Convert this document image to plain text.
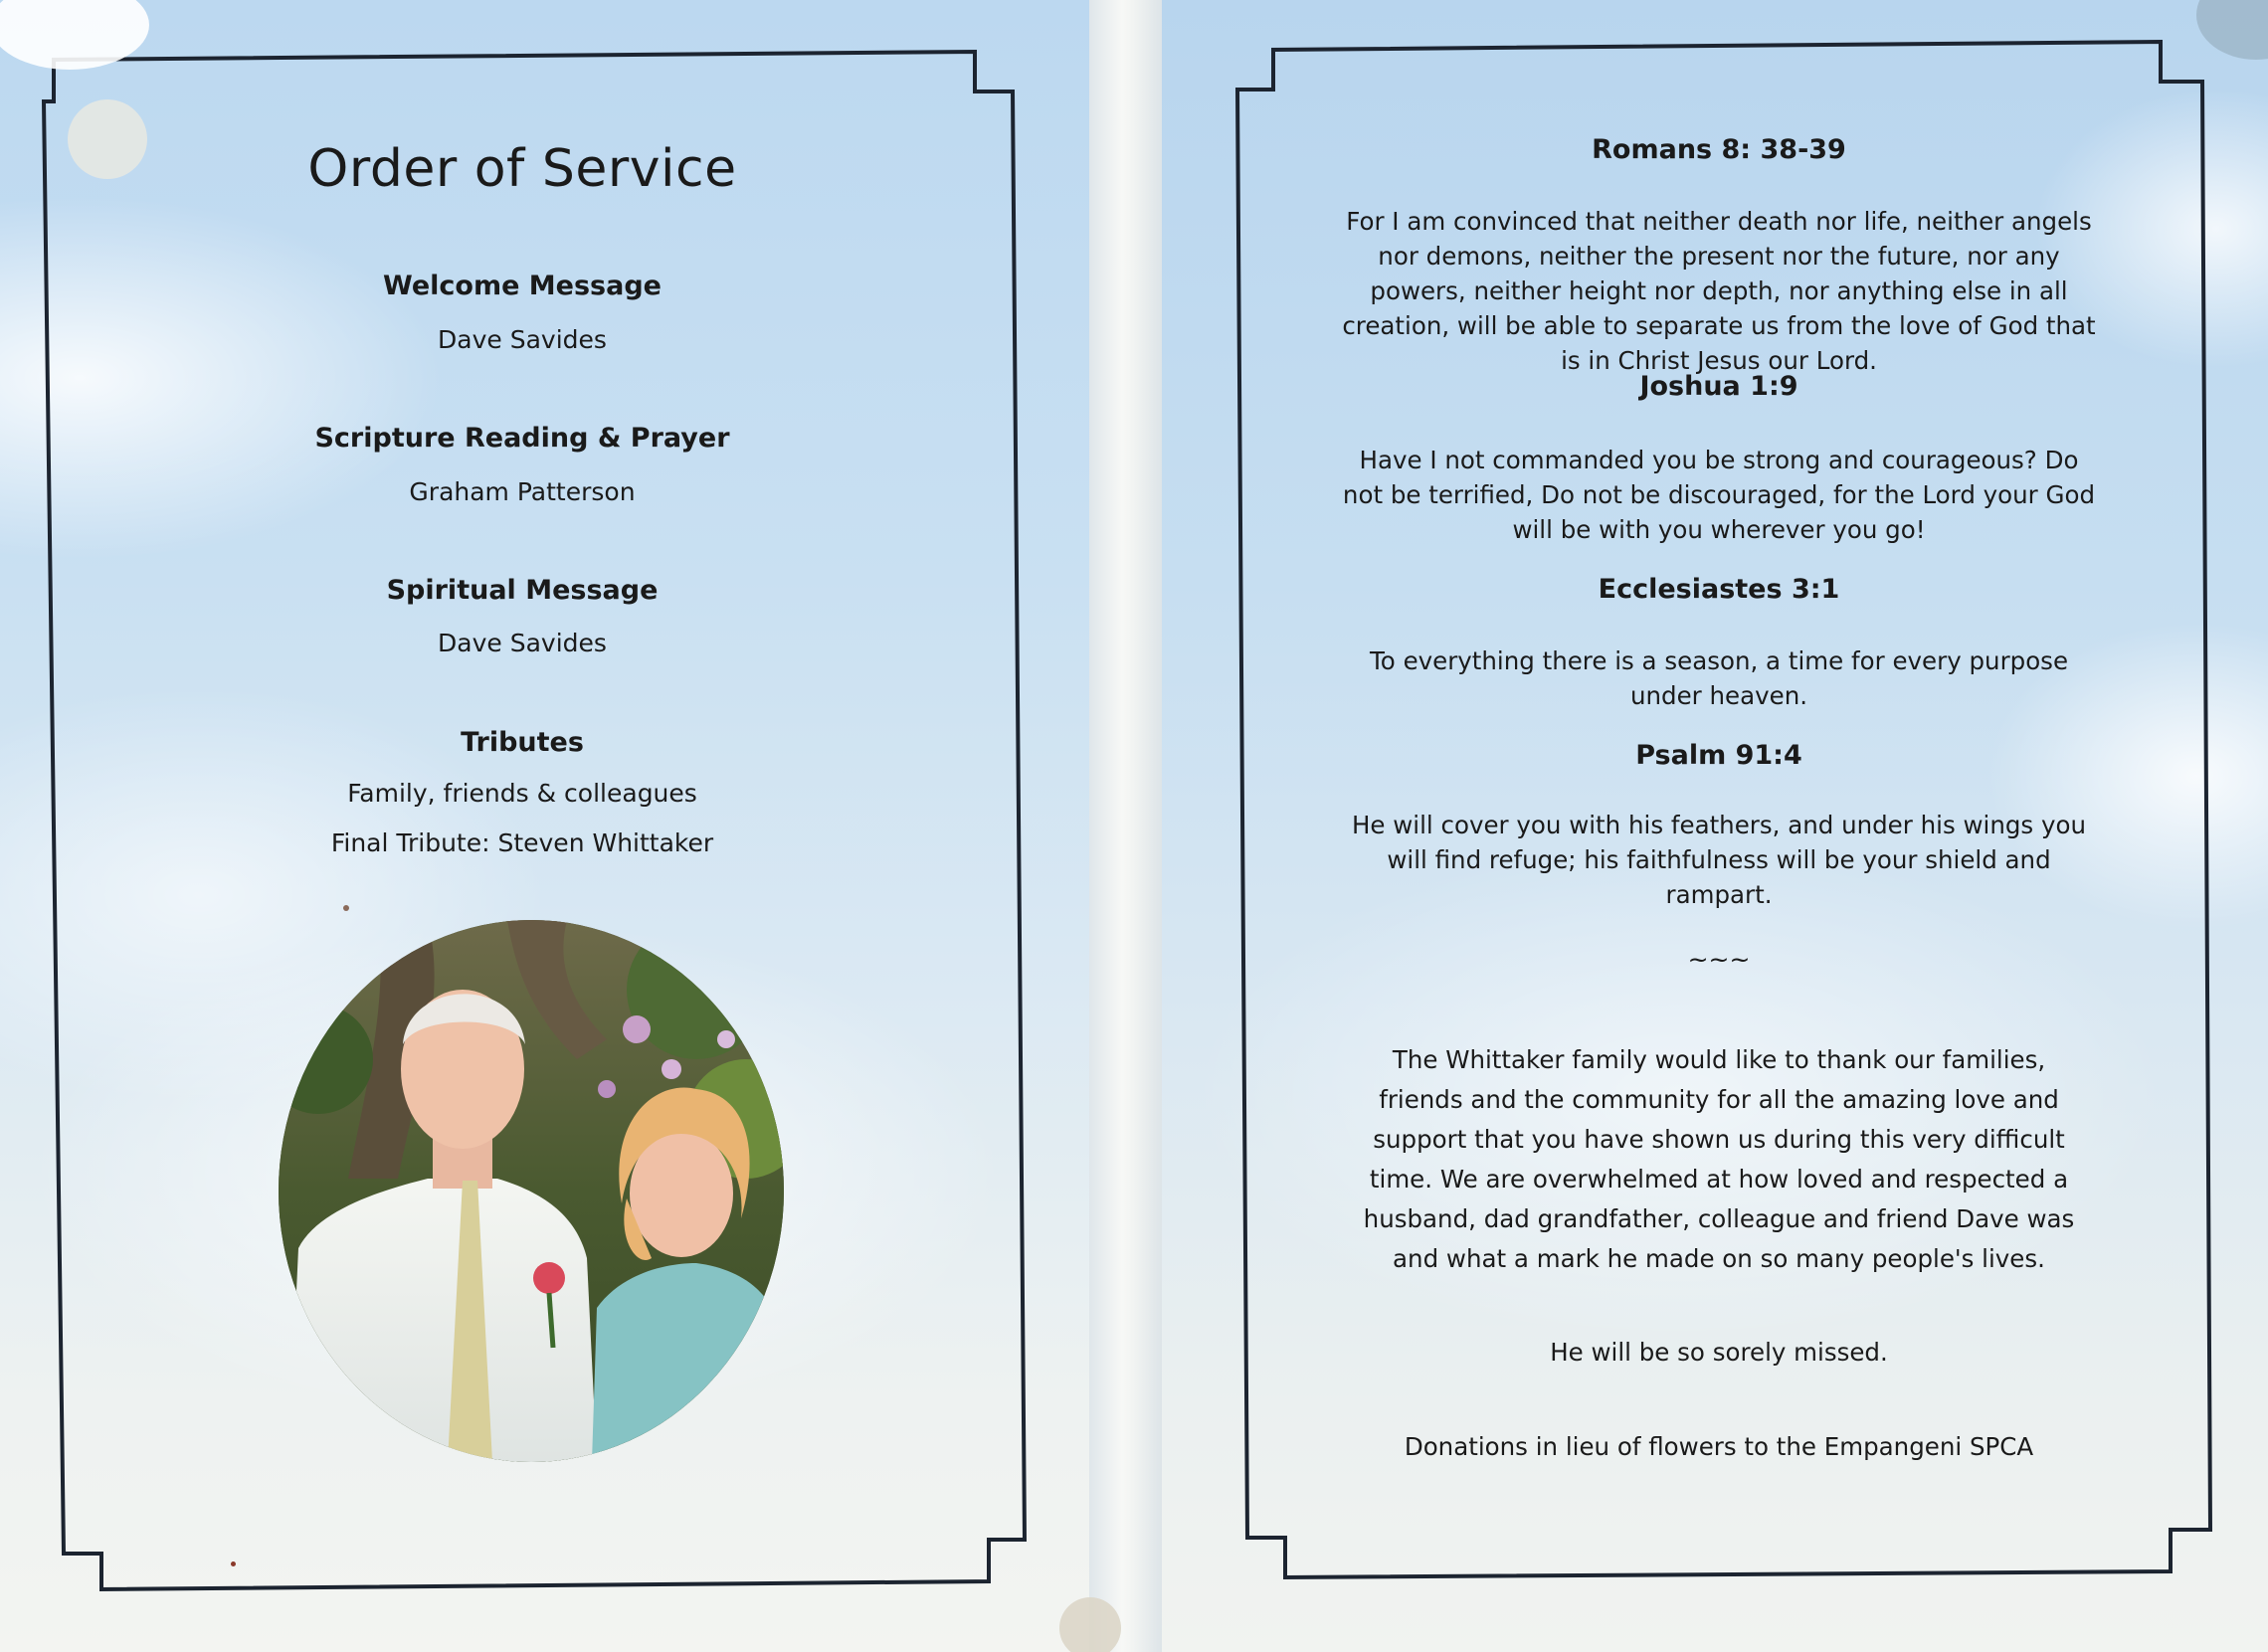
Order of Service
Welcome Message
Dave Savides
Scripture Reading & Prayer
Graham Patterson
Spiritual Message
Dave Savides
Tributes
Family, friends & colleagues
Final Tribute: Steven Whittaker
Romans 8: 38-39
For I am convinced that neither death nor life, neither angels nor demons, neither the present nor the future, nor any powers, neither height nor depth, nor anything else in all creation, will be able to separate us from the love of God that is in Christ Jesus our Lord.
Joshua 1:9
Have I not commanded you be strong and courageous? Do not be terrified, Do not be discouraged, for the Lord your God will be with you wherever you go!
Ecclesiastes 3:1
To everything there is a season, a time for every purpose under heaven.
Psalm 91:4
He will cover you with his feathers, and under his wings you will find refuge; his faithfulness will be your shield and rampart.
~~~
The Whittaker family would like to thank our families, friends and the community for all the amazing love and support that you have shown us during this very difficult time. We are overwhelmed at how loved and respected a husband, dad grandfather, colleague and friend Dave was and what a mark he made on so many people's lives.
He will be so sorely missed.
Donations in lieu of flowers to the Empangeni SPCA
